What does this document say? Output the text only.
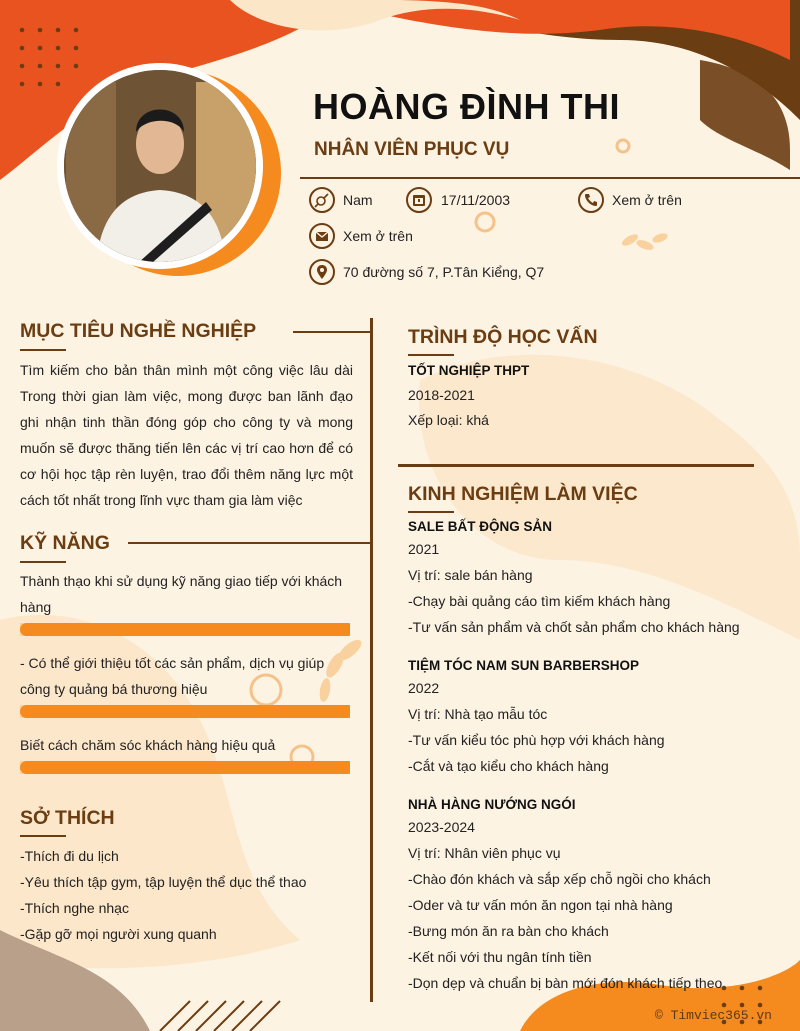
HOÀNG ĐÌNH THI
NHÂN VIÊN PHỤC VỤ
Nam	17/11/2003	Xem ở trên
Xem ở trên
70 đường số 7, P.Tân Kiểng, Q7
MỤC TIÊU NGHỀ NGHIỆP
Tìm kiếm cho bản thân mình một công việc lâu dài Trong thời gian làm việc, mong được ban lãnh đạo ghi nhận tinh thần đóng góp cho công ty và mong muốn sẽ được thăng tiến lên các vị trí cao hơn để có cơ hội học tập rèn luyện, trao đổi thêm năng lực một cách tốt nhất trong lĩnh vực tham gia làm việc
KỸ NĂNG
Thành thạo khi sử dụng kỹ năng giao tiếp với khách hàng
- Có thể giới thiệu tốt các sản phẩm, dịch vụ giúp công ty quảng bá thương hiệu
Biết cách chăm sóc khách hàng hiệu quả
SỞ THÍCH
-Thích đi du lịch
-Yêu thích tập gym, tập luyện thể dục thể thao
-Thích nghe nhạc
-Gặp gỡ mọi người xung quanh
TRÌNH ĐỘ HỌC VẤN
TỐT NGHIỆP THPT
2018-2021
Xếp loại: khá
KINH NGHIỆM LÀM VIỆC
SALE BẤT ĐỘNG SẢN
2021
Vị trí: sale bán hàng
-Chạy bài quảng cáo tìm kiếm khách hàng
-Tư vấn sản phẩm và chốt sản phẩm cho khách hàng
TIỆM TÓC NAM SUN BARBERSHOP
2022
Vị trí: Nhà tạo mẫu tóc
-Tư vấn kiểu tóc phù hợp với khách hàng
-Cắt và tạo kiểu cho khách hàng
NHÀ HÀNG NƯỚNG NGÓI
2023-2024
Vị trí: Nhân viên phục vụ
-Chào đón khách và sắp xếp chỗ ngồi cho khách
-Oder và tư vấn món ăn ngon tại nhà hàng
-Bưng món ăn ra bàn cho khách
-Kết nối với thu ngân tính tiền
-Dọn dẹp và chuẩn bị bàn mới đón khách tiếp theo
© Timviec365.vn
